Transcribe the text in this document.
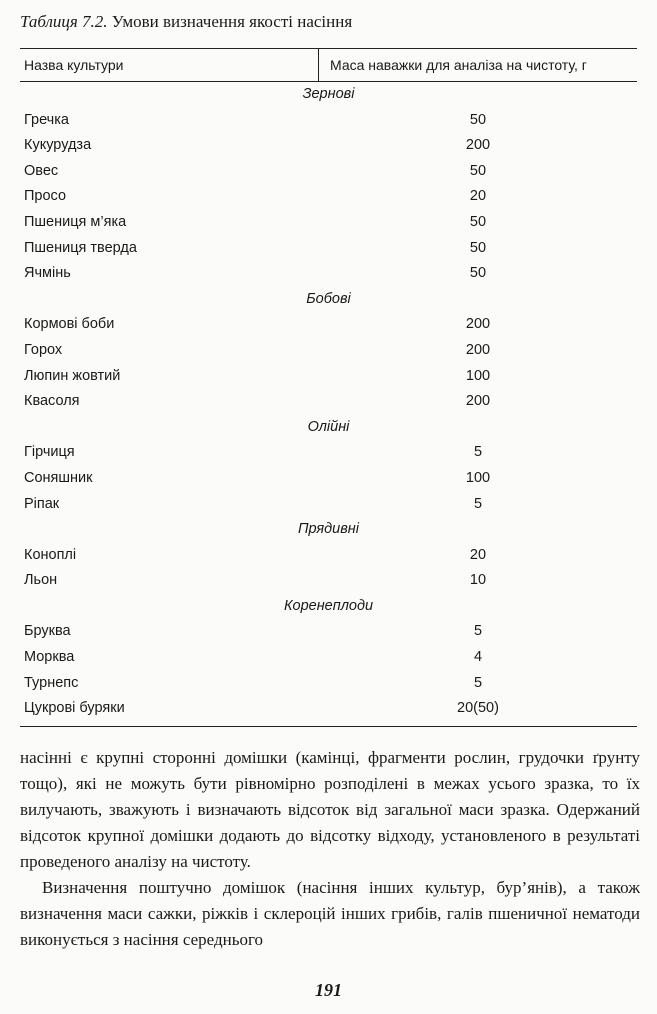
Таблиця 7.2. Умови визначення якості насіння
Назва культури	Маса наважки для аналіза на чистоту, г
Зернові
Гречка	50
Кукурудза	200
Овес	50
Просо	20
Пшениця м’яка	50
Пшениця тверда	50
Ячмінь	50
Бобові
Кормові боби	200
Горох	200
Люпин жовтий	100
Квасоля	200
Олійні
Гірчиця	5
Соняшник	100
Ріпак	5
Прядивні
Коноплі	20
Льон	10
Коренеплоди
Бруква	5
Морква	4
Турнепс	5
Цукрові буряки	20(50)

насінні є крупні сторонні домішки (камінці, фрагменти рослин, грудочки ґрунту тощо), які не можуть бути рівномірно розподілені в межах усього зразка, то їх вилучають, зважують і визначають відсоток від загальної маси зразка. Одержаний відсоток крупної домішки додають до відсотку відходу, установленого в результаті проведеного аналізу на чистоту.

Визначення поштучно домішок (насіння інших культур, бур’янів), а також визначення маси сажки, ріжків і склероцій інших грибів, галів пшеничної нематоди виконується з насіння середнього

191
